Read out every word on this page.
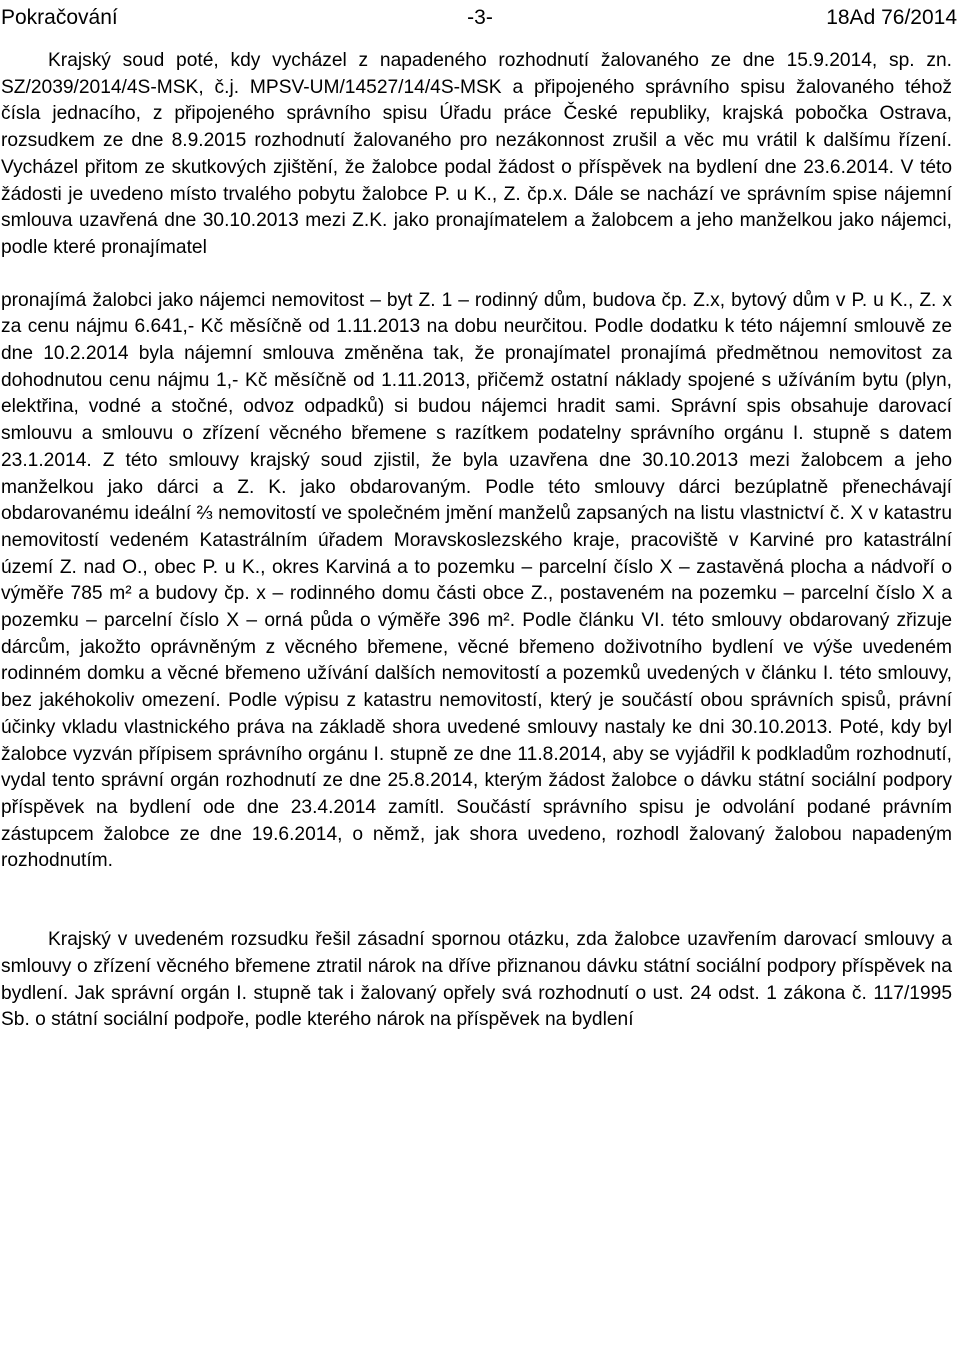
-3-
Pokračování	18Ad 76/2014

Krajský soud poté, kdy vycházel z napadeného rozhodnutí žalovaného ze dne 15.9.2014, sp. zn. SZ/2039/2014/4S-MSK, č.j. MPSV-UM/14527/14/4S-MSK a připojeného správního spisu žalovaného téhož čísla jednacího, z připojeného správního spisu Úřadu práce České republiky, krajská pobočka Ostrava, rozsudkem ze dne 8.9.2015 rozhodnutí žalovaného pro nezákonnost zrušil a věc mu vrátil k dalšímu řízení. Vycházel přitom ze skutkových zjištění, že žalobce podal žádost o příspěvek na bydlení dne 23.6.2014. V této žádosti je uvedeno místo trvalého pobytu žalobce P. u K., Z. čp.x. Dále se nachází ve správním spise nájemní smlouva uzavřená dne 30.10.2013 mezi Z.K. jako pronajímatelem a žalobcem a jeho manželkou jako nájemci, podle které pronajímatel

pronajímá žalobci jako nájemci nemovitost – byt Z. 1 – rodinný dům, budova čp. Z.x, bytový dům v P. u K., Z. x za cenu nájmu 6.641,- Kč měsíčně od 1.11.2013 na dobu neurčitou. Podle dodatku k této nájemní smlouvě ze dne 10.2.2014 byla nájemní smlouva změněna tak, že pronajímatel pronajímá předmětnou nemovitost za dohodnutou cenu nájmu 1,- Kč měsíčně od 1.11.2013, přičemž ostatní náklady spojené s užíváním bytu (plyn, elektřina, vodné a stočné, odvoz odpadků) si budou nájemci hradit sami. Správní spis obsahuje darovací smlouvu a smlouvu o zřízení věcného břemene s razítkem podatelny správního orgánu I. stupně s datem 23.1.2014. Z této smlouvy krajský soud zjistil, že byla uzavřena dne 30.10.2013 mezi žalobcem a jeho manželkou jako dárci a Z. K. jako obdarovaným. Podle této smlouvy dárci bezúplatně přenechávají obdarovanému ideální ⅔ nemovitostí ve společném jmění manželů zapsaných na listu vlastnictví č. X v katastru nemovitostí vedeném Katastrálním úřadem Moravskoslezského kraje, pracoviště v Karviné pro katastrální území Z. nad O., obec P. u K., okres Karviná a to pozemku – parcelní číslo X – zastavěná plocha a nádvoří o výměře 785 m² a budovy čp. x – rodinného domu části obce Z., postaveném na pozemku – parcelní číslo X a pozemku – parcelní číslo X – orná půda o výměře 396 m². Podle článku VI. této smlouvy obdarovaný zřizuje dárcům, jakožto oprávněným z věcného břemene, věcné břemeno doživotního bydlení ve výše uvedeném rodinném domku a věcné břemeno užívání dalších nemovitostí a pozemků uvedených v článku I. této smlouvy, bez jakéhokoliv omezení. Podle výpisu z katastru nemovitostí, který je součástí obou správních spisů, právní účinky vkladu vlastnického práva na základě shora uvedené smlouvy nastaly ke dni 30.10.2013. Poté, kdy byl žalobce vyzván přípisem správního orgánu I. stupně ze dne 11.8.2014, aby se vyjádřil k podkladům rozhodnutí, vydal tento správní orgán rozhodnutí ze dne 25.8.2014, kterým žádost žalobce o dávku státní sociální podpory příspěvek na bydlení ode dne 23.4.2014 zamítl. Součástí správního spisu je odvolání podané právním zástupcem žalobce ze dne 19.6.2014, o němž, jak shora uvedeno, rozhodl žalovaný žalobou napadeným rozhodnutím.

Krajský v uvedeném rozsudku řešil zásadní spornou otázku, zda žalobce uzavřením darovací smlouvy a smlouvy o zřízení věcného břemene ztratil nárok na dříve přiznanou dávku státní sociální podpory příspěvek na bydlení. Jak správní orgán I. stupně tak i žalovaný opřely svá rozhodnutí o ust. 24 odst. 1 zákona č. 117/1995 Sb. o státní sociální podpoře, podle kterého nárok na příspěvek na bydlení
